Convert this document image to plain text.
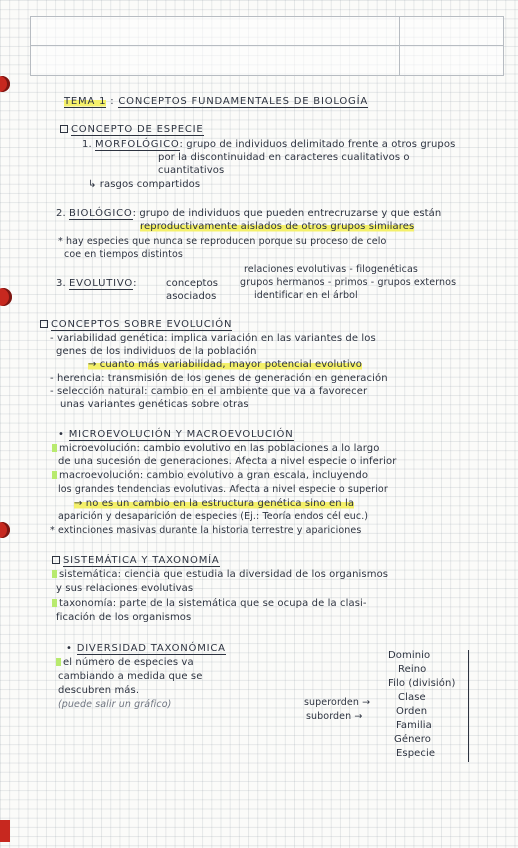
TEMA 1 : CONCEPTOS FUNDAMENTALES DE BIOLOGÍA
CONCEPTO DE ESPECIE
1. MORFOLÓGICO: grupo de individuos delimitado frente a otros grupos
por la discontinuidad en caracteres cualitativos o
cuantitativos
↳ rasgos compartidos
2. BIOLÓGICO: grupo de individuos que pueden entrecruzarse y que están
reproductivamente aislados de otros grupos similares
* hay especies que nunca se reproducen porque su proceso de celo
coe en tiempos distintos
3. EVOLUTIVO:	conceptos
asociados
relaciones evolutivas - filogenéticas
grupos hermanos - primos - grupos externos
identificar en el árbol
CONCEPTOS SOBRE EVOLUCIÓN
- variabilidad genética: implica variación en las variantes de los
genes de los individuos de la población
→ cuanto más variabilidad, mayor potencial evolutivo
- herencia: transmisión de los genes de generación en generación
- selección natural: cambio en el ambiente que va a favorecer
unas variantes genéticas sobre otras
• MICROEVOLUCIÓN Y MACROEVOLUCIÓN
microevolución: cambio evolutivo en las poblaciones a lo largo
de una sucesión de generaciones. Afecta a nivel especie o inferior
macroevolución: cambio evolutivo a gran escala, incluyendo
los grandes tendencias evolutivas. Afecta a nivel especie o superior
→ no es un cambio en la estructura genética sino en la
aparición y desaparición de especies (Ej.: Teoría endos cél euc.)
* extinciones masivas durante la historia terrestre y apariciones
SISTEMÁTICA Y TAXONOMÍA
sistemática: ciencia que estudia la diversidad de los organismos
y sus relaciones evolutivas
taxonomía: parte de la sistemática que se ocupa de la clasi-
ficación de los organismos
• DIVERSIDAD TAXONÓMICA
el número de especies va
cambiando a medida que se
descubren más.
(puede salir un gráfico)	superorden →
suborden →
Dominio
Reino
Filo (división)
Clase
Orden
Familia
Género
Especie
